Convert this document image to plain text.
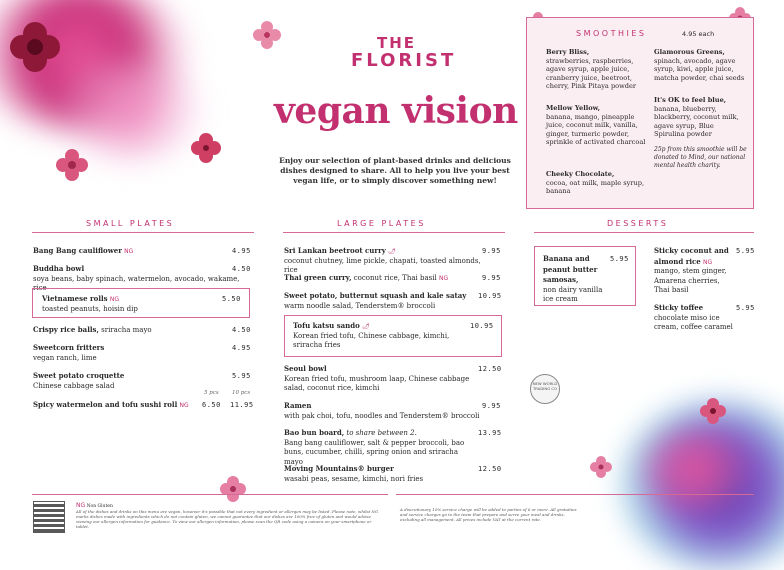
THE
FLORIST
vegan vision
Enjoy our selection of plant-based drinks and delicious dishes designed to share. All to help you live your best vegan life, or to simply discover something new!
SMOOTHIES	4.95 each
Berry Bliss,
strawberries, raspberries, agave syrup, apple juice, cranberry juice, beetroot, cherry, Pink Pitaya powder
Mellow Yellow,
banana, mango, pineapple juice, coconut milk, vanilla, ginger, turmeric powder, sprinkle of activated charcoal
Cheeky Chocolate,
cocoa, oat milk, maple syrup, banana
Glamorous Greens,
spinach, avocado, agave syrup, kiwi, apple juice, matcha powder, chai seeds
It's OK to feel blue,
banana, blueberry, blackberry, coconut milk, agave syrup, Blue Spirulina powder
25p from this smoothie will be donated to Mind, our national mental health charity.
SMALL PLATES
Bang Bang cauliflower NG	4.95
Buddha bowl
soya beans, baby spinach, watermelon, avocado, wakame, rice
4.50
Vietnamese rolls NG
toasted peanuts, hoisin dip
5.50
Crispy rice balls, sriracha mayo	4.50
Sweetcorn fritters
vegan ranch, lime
4.95
Sweet potato croquette
Chinese cabbage salad
5.95
5 pcs 10 pcs
Spicy watermelon and tofu sushi roll NG	6.50 11.95
LARGE PLATES
Sri Lankan beetroot curry 🌶
coconut chutney, lime pickle, chapati, toasted almonds, rice
9.95
Thai green curry, coconut rice, Thai basil NG	9.95
Sweet potato, butternut squash and kale satay
warm noodle salad, Tenderstem® broccoli
10.95
Tofu katsu sando 🌶
Korean fried tofu, Chinese cabbage, kimchi, sriracha fries
10.95
Seoul bowl
Korean fried tofu, mushroom laap, Chinese cabbage salad, coconut rice, kimchi
12.50
Ramen
with pak choi, tofu, noodles and Tenderstem® broccoli
9.95
Bao bun board, to share between 2.
Bang bang cauliflower, salt & pepper broccoli, bao buns, cucumber, chilli, spring onion and sriracha mayo
13.95
Moving Mountains® burger
wasabi peas, sesame, kimchi, nori fries
12.50
DESSERTS
Banana and peanut butter samosas,
non dairy vanilla ice cream
5.95
Sticky coconut and almond rice NG
mango, stem ginger, Amarena cherries, Thai basil
5.95
Sticky toffee
chocolate miso ice cream, coffee caramel
5.95
NEW WORLD TRADING CO
NG Non Gluten
All of the dishes and drinks on this menu are vegan, however it's possible that not every ingredient or allergen may be listed. Please note, whilst NG marks dishes made with ingredients which do not contain gluten, we cannot guarantee that our dishes are 100% free of gluten and would advise viewing our allergen information for guidance. To view our allergen information, please scan the QR code using a camera on your smartphone or tablet.
A discretionary 10% service charge will be added to parties of 6 or more. All gratuities and service charges go to the team that prepare and serve your meal and drinks, excluding all management. All prices include VAT at the current rate.
